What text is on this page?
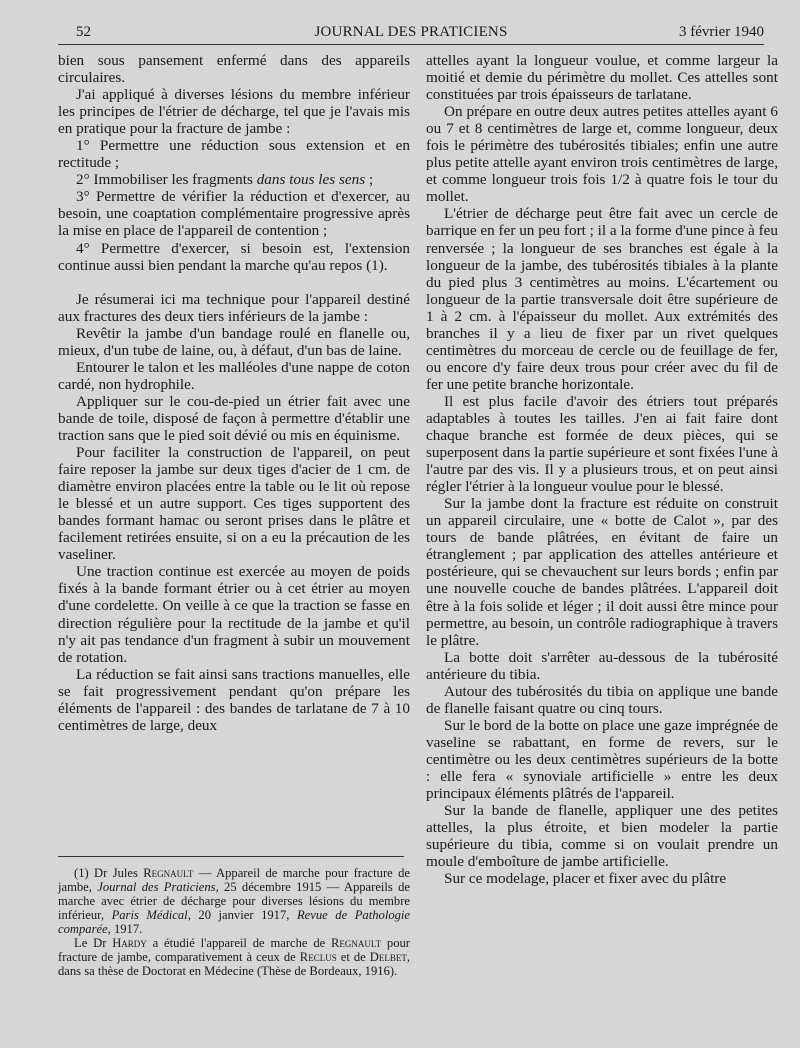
52	JOURNAL DES PRATICIENS	3 février 1940

bien sous pansement enfermé dans des appareils circulaires.

J'ai appliqué à diverses lésions du membre inférieur les principes de l'étrier de décharge, tel que je l'avais mis en pratique pour la fracture de jambe :

1° Permettre une réduction sous extension et en rectitude ;

2° Immobiliser les fragments dans tous les sens ;

3° Permettre de vérifier la réduction et d'exercer, au besoin, une coaptation complémentaire progressive après la mise en place de l'appareil de contention ;

4° Permettre d'exercer, si besoin est, l'extension continue aussi bien pendant la marche qu'au repos (1).

Je résumerai ici ma technique pour l'appareil destiné aux fractures des deux tiers inférieurs de la jambe :

Revêtir la jambe d'un bandage roulé en flanelle ou, mieux, d'un tube de laine, ou, à défaut, d'un bas de laine.

Entourer le talon et les malléoles d'une nappe de coton cardé, non hydrophile.

Appliquer sur le cou-de-pied un étrier fait avec une bande de toile, disposé de façon à permettre d'établir une traction sans que le pied soit dévié ou mis en équinisme.

Pour faciliter la construction de l'appareil, on peut faire reposer la jambe sur deux tiges d'acier de 1 cm. de diamètre environ placées entre la table ou le lit où repose le blessé et un autre support. Ces tiges supportent des bandes formant hamac ou seront prises dans le plâtre et facilement retirées ensuite, si on a eu la précaution de les vaseliner.

Une traction continue est exercée au moyen de poids fixés à la bande formant étrier ou à cet étrier au moyen d'une cordelette. On veille à ce que la traction se fasse en direction régulière pour la rectitude de la jambe et qu'il n'y ait pas tendance d'un fragment à subir un mouvement de rotation.

La réduction se fait ainsi sans tractions manuelles, elle se fait progressivement pendant qu'on prépare les éléments de l'appareil : des bandes de tarlatane de 7 à 10 centimètres de large, deux

(1) Dr Jules Regnault — Appareil de marche pour fracture de jambe, Journal des Praticiens, 25 décembre 1915 — Appareils de marche avec étrier de décharge pour diverses lésions du membre inférieur, Paris Médical, 20 janvier 1917, Revue de Pathologie comparée, 1917.

Le Dr Hardy a étudié l'appareil de marche de Regnault pour fracture de jambe, comparativement à ceux de Reclus et de Delbet, dans sa thèse de Doctorat en Médecine (Thèse de Bordeaux, 1916).

attelles ayant la longueur voulue, et comme largeur la moitié et demie du périmètre du mollet. Ces attelles sont constituées par trois épaisseurs de tarlatane.

On prépare en outre deux autres petites attelles ayant 6 ou 7 et 8 centimètres de large et, comme longueur, deux fois le périmètre des tubérosités tibiales; enfin une autre plus petite attelle ayant environ trois centimètres de large, et comme longueur trois fois 1/2 à quatre fois le tour du mollet.

L'étrier de décharge peut être fait avec un cercle de barrique en fer un peu fort ; il a la forme d'une pince à feu renversée ; la longueur de ses branches est égale à la longueur de la jambe, des tubérosités tibiales à la plante du pied plus 3 centimètres au moins. L'écartement ou longueur de la partie transversale doit être supérieure de 1 à 2 cm. à l'épaisseur du mollet. Aux extrémités des branches il y a lieu de fixer par un rivet quelques centimètres du morceau de cercle ou de feuillage de fer, ou encore d'y faire deux trous pour créer avec du fil de fer une petite branche horizontale.

Il est plus facile d'avoir des étriers tout préparés adaptables à toutes les tailles. J'en ai fait faire dont chaque branche est formée de deux pièces, qui se superposent dans la partie supérieure et sont fixées l'une à l'autre par des vis. Il y a plusieurs trous, et on peut ainsi régler l'étrier à la longueur voulue pour le blessé.

Sur la jambe dont la fracture est réduite on construit un appareil circulaire, une « botte de Calot », par des tours de bande plâtrées, en évitant de faire un étranglement ; par application des attelles antérieure et postérieure, qui se chevauchent sur leurs bords ; enfin par une nouvelle couche de bandes plâtrées. L'appareil doit être à la fois solide et léger ; il doit aussi être mince pour permettre, au besoin, un contrôle radiographique à travers le plâtre.

La botte doit s'arrêter au-dessous de la tubérosité antérieure du tibia.

Autour des tubérosités du tibia on applique une bande de flanelle faisant quatre ou cinq tours.

Sur le bord de la botte on place une gaze imprégnée de vaseline se rabattant, en forme de revers, sur le centimètre ou les deux centimètres supérieurs de la botte : elle fera « synoviale artificielle » entre les deux principaux éléments plâtrés de l'appareil.

Sur la bande de flanelle, appliquer une des petites attelles, la plus étroite, et bien modeler la partie supérieure du tibia, comme si on voulait prendre un moule d'emboîture de jambe artificielle.

Sur ce modelage, placer et fixer avec du plâtre
